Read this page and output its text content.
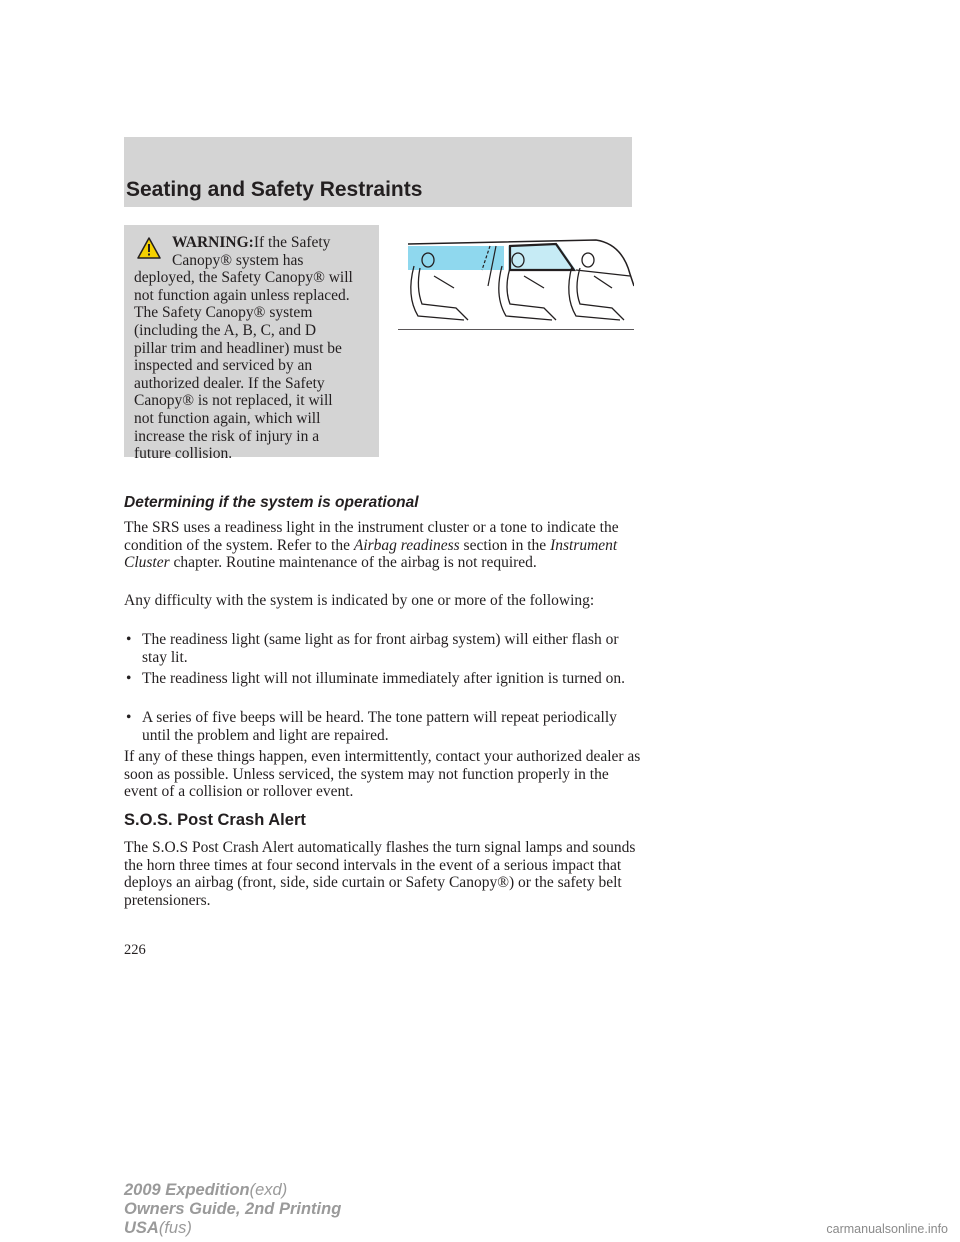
Seating and Safety Restraints

WARNING:If the Safety
Canopy® system has
deployed, the Safety Canopy® will
not function again unless replaced.
The Safety Canopy® system
(including the A, B, C, and D
pillar trim and headliner) must be
inspected and serviced by an
authorized dealer. If the Safety
Canopy® is not replaced, it will
not function again, which will
increase the risk of injury in a
future collision.

Determining if the system is operational

The SRS uses a readiness light in the instrument cluster or a tone to indicate the condition of the system. Refer to the Airbag readiness section in the Instrument Cluster chapter. Routine maintenance of the airbag is not required.

Any difficulty with the system is indicated by one or more of the following:

• The readiness light (same light as for front airbag system) will either flash or stay lit.

• The readiness light will not illuminate immediately after ignition is turned on.

• A series of five beeps will be heard. The tone pattern will repeat periodically until the problem and light are repaired.

If any of these things happen, even intermittently, contact your authorized dealer as soon as possible. Unless serviced, the system may not function properly in the event of a collision or rollover event.

S.O.S. Post Crash Alert

The S.O.S Post Crash Alert automatically flashes the turn signal lamps and sounds the horn three times at four second intervals in the event of a serious impact that deploys an airbag (front, side, side curtain or Safety Canopy®) or the safety belt pretensioners.

226
2009 Expedition(exd)
Owners Guide, 2nd Printing
USA(fus)	carmanualsonline.info
